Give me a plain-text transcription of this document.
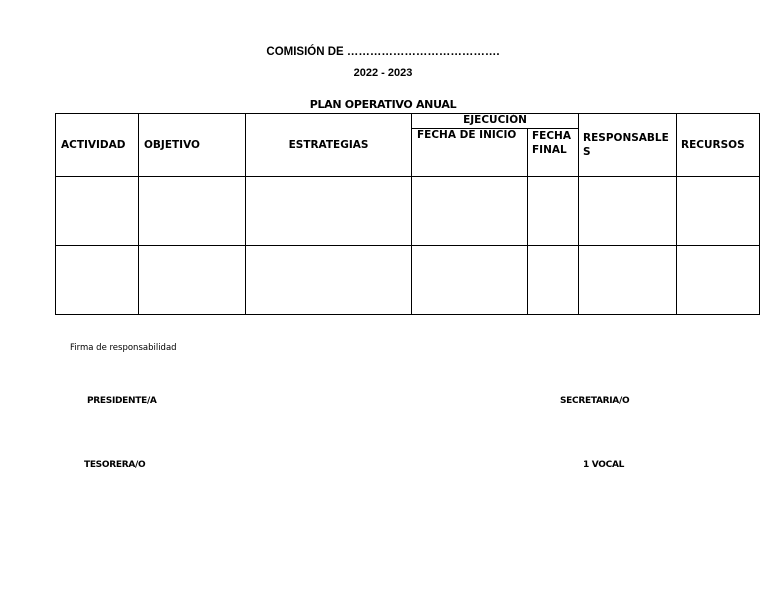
COMISIÓN DE ………………………………….
2022 - 2023
PLAN OPERATIVO ANUAL
ACTIVIDAD	OBJETIVO	ESTRATEGIAS	EJECUCIÓN		RESPONSABLES	RECURSOS
			FECHA DE INICIO	FECHA FINAL		

Firma de responsabilidad
PRESIDENTE/A	SECRETARIA/O
TESORERA/O	1 VOCAL
